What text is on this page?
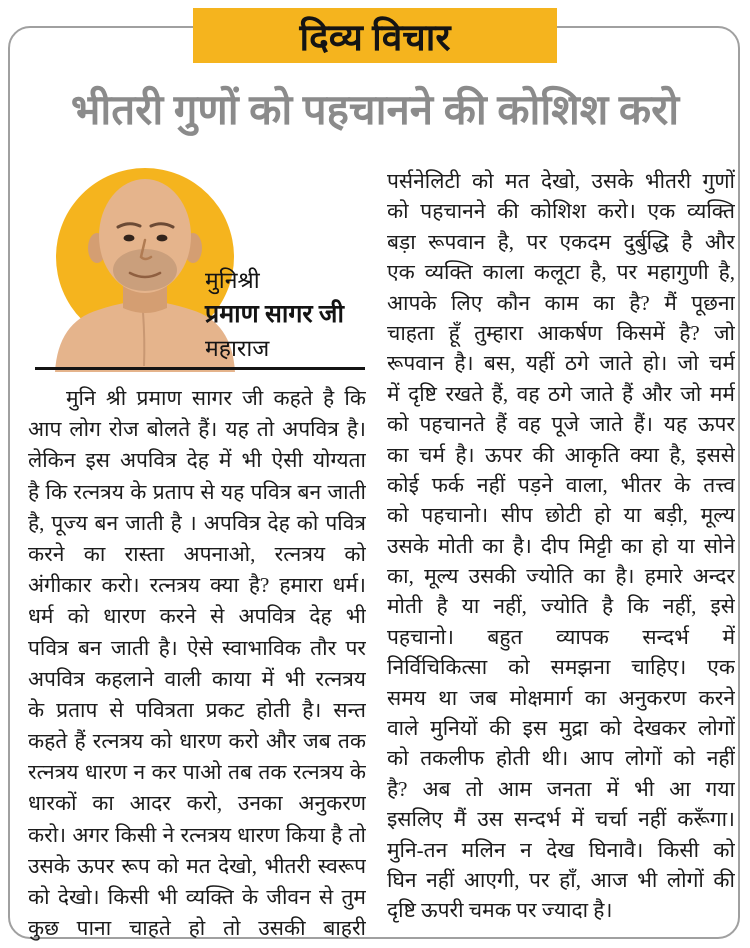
दिव्य विचार
भीतरी गुणों को पहचानने की कोशिश करो
मुनिश्री
प्रमाण सागर जी
महाराज
मुनि श्री प्रमाण सागर जी कहते है कि
आप लोग रोज बोलते हैं। यह तो अपवित्र है।
लेकिन इस अपवित्र देह में भी ऐसी योग्यता
है कि रत्नत्रय के प्रताप से यह पवित्र बन जाती
है, पूज्य बन जाती है । अपवित्र देह को पवित्र
करने का रास्ता अपनाओ, रत्नत्रय को
अंगीकार करो। रत्नत्रय क्या है? हमारा धर्म।
धर्म को धारण करने से अपवित्र देह भी
पवित्र बन जाती है। ऐसे स्वाभाविक तौर पर
अपवित्र कहलाने वाली काया में भी रत्नत्रय
के प्रताप से पवित्रता प्रकट होती है। सन्त
कहते हैं रत्नत्रय को धारण करो और जब तक
रत्नत्रय धारण न कर पाओ तब तक रत्नत्रय के
धारकों का आदर करो, उनका अनुकरण
करो। अगर किसी ने रत्नत्रय धारण किया है तो
उसके ऊपर रूप को मत देखो, भीतरी स्वरूप
को देखो। किसी भी व्यक्ति के जीवन से तुम
कुछ पाना चाहते हो तो उसकी बाहरी
पर्सनेलिटी को मत देखो, उसके भीतरी गुणों
को पहचानने की कोशिश करो। एक व्यक्ति
बड़ा रूपवान है, पर एकदम दुर्बुद्धि है और
एक व्यक्ति काला कलूटा है, पर महागुणी है,
आपके लिए कौन काम का है? मैं पूछना
चाहता हूँ तुम्हारा आकर्षण किसमें है? जो
रूपवान है। बस, यहीं ठगे जाते हो। जो चर्म
में दृष्टि रखते हैं, वह ठगे जाते हैं और जो मर्म
को पहचानते हैं वह पूजे जाते हैं। यह ऊपर
का चर्म है। ऊपर की आकृति क्या है, इससे
कोई फर्क नहीं पड़ने वाला, भीतर के तत्त्व
को पहचानो। सीप छोटी हो या बड़ी, मूल्य
उसके मोती का है। दीप मिट्टी का हो या सोने
का, मूल्य उसकी ज्योति का है। हमारे अन्दर
मोती है या नहीं, ज्योति है कि नहीं, इसे
पहचानो। बहुत व्यापक सन्दर्भ में
निर्विचिकित्सा को समझना चाहिए। एक
समय था जब मोक्षमार्ग का अनुकरण करने
वाले मुनियों की इस मुद्रा को देखकर लोगों
को तकलीफ होती थी। आप लोगों को नहीं
है? अब तो आम जनता में भी आ गया
इसलिए मैं उस सन्दर्भ में चर्चा नहीं करूँगा।
मुनि-तन मलिन न देख घिनावै। किसी को
घिन नहीं आएगी, पर हाँ, आज भी लोगों की
दृष्टि ऊपरी चमक पर ज्यादा है।
